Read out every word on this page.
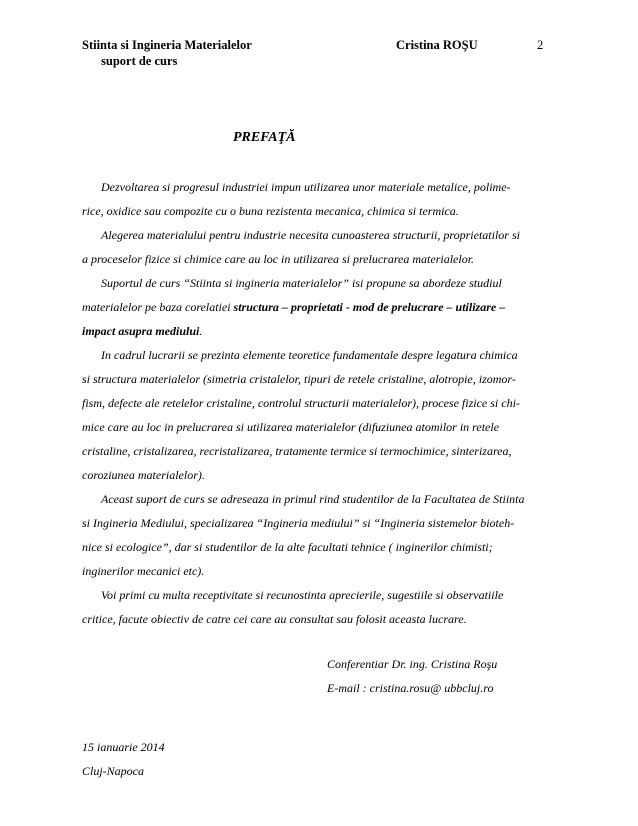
Stiinta si Ingineria Materialelor
suport de curs
Cristina ROŞU	2
PREFAŢĂ
Dezvoltarea si progresul industriei impun utilizarea unor materiale metalice, polime-
rice, oxidice sau compozite cu o buna rezistenta mecanica, chimica si termica.
Alegerea materialului pentru industrie necesita cunoasterea structurii, proprietatilor si
a proceselor fizice si chimice care au loc in utilizarea si prelucrarea materialelor.
Suportul de curs “Stiinta si ingineria materialelor” isi propune sa abordeze studiul
materialelor pe baza corelatiei structura – proprietati - mod de prelucrare – utilizare –
impact asupra mediului.
In cadrul lucrarii se prezinta elemente teoretice fundamentale despre legatura chimica
si structura materialelor (simetria cristalelor, tipuri de retele cristaline, alotropie, izomor-
fism, defecte ale retelelor cristaline, controlul structurii materialelor), procese fizice si chi-
mice care au loc in prelucrarea si utilizarea materialelor (difuziunea atomilor in retele
cristaline, cristalizarea, recristalizarea, tratamente termice si termochimice, sinterizarea,
coroziunea materialelor).
Aceast suport de curs se adreseaza in primul rind studentilor de la Facultatea de Stiinta
si Ingineria Mediului, specializarea “Ingineria mediului” si “Ingineria sistemelor bioteh-
nice si ecologice”, dar si studentilor de la alte facultati tehnice ( inginerilor chimisti;
inginerilor mecanici etc).
Voi primi cu multa receptivitate si recunostinta aprecierile, sugestiile si observatiile
critice, facute obiectiv de catre cei care au consultat sau folosit aceasta lucrare.
Conferentiar Dr. ing. Cristina Roşu
E-mail : cristina.rosu@ ubbcluj.ro
15 ianuarie 2014
Cluj-Napoca
